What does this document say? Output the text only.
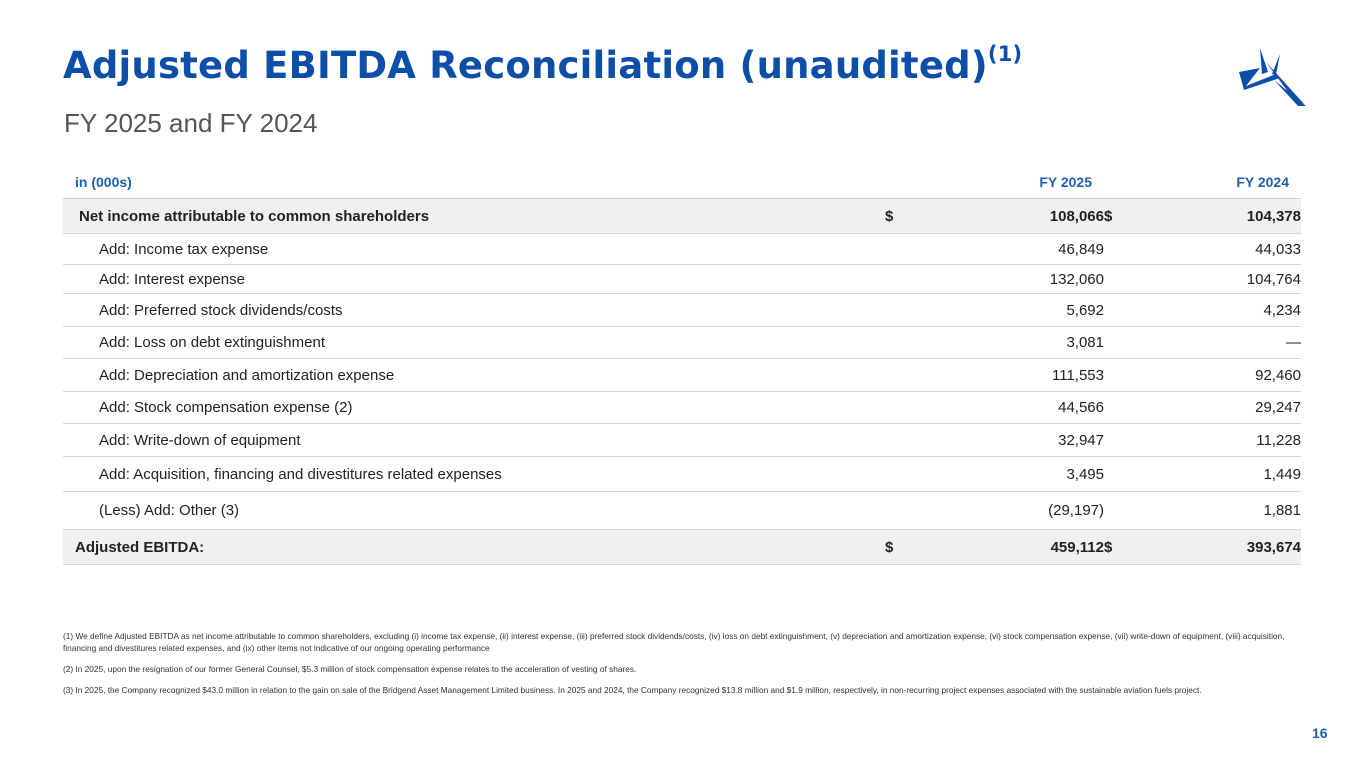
Adjusted EBITDA Reconciliation (unaudited)$^{(1)}$
FY 2025 and FY 2024
in (000s)	FY 2025		FY 2024	
Net income attributable to common shareholders	$	108,066	$	104,378
Add: Income tax expense		46,849		44,033
Add: Interest expense		132,060		104,764
Add: Preferred stock dividends/costs		5,692		4,234
Add: Loss on debt extinguishment		3,081		—
Add: Depreciation and amortization expense		111,553		92,460
Add: Stock compensation expense (2)		44,566		29,247
Add: Write-down of equipment		32,947		11,228
Add: Acquisition, financing and divestitures related expenses		3,495		1,449
(Less) Add: Other (3)		(29,197)		1,881
Adjusted EBITDA:	$	459,112	$	393,674

(1) We define Adjusted EBITDA as net income attributable to common shareholders, excluding (i) income tax expense, (ii) interest expense, (iii) preferred stock dividends/costs, (iv) loss on debt extinguishment, (v) depreciation and amortization expense, (vi) stock compensation expense, (vii) write-down of equipment, (viii) acquisition, financing and divestitures related expenses, and (ix) other items not indicative of our ongoing operating performance

(2) In 2025, upon the resignation of our former General Counsel, $5.3 million of stock compensation expense relates to the acceleration of vesting of shares.

(3) In 2025, the Company recognized $43.0 million in relation to the gain on sale of the Bridgend Asset Management Limited business. In 2025 and 2024, the Company recognized $13.8 million and $1.9 million, respectively, in non-recurring project expenses associated with the sustainable aviation fuels project.

16
